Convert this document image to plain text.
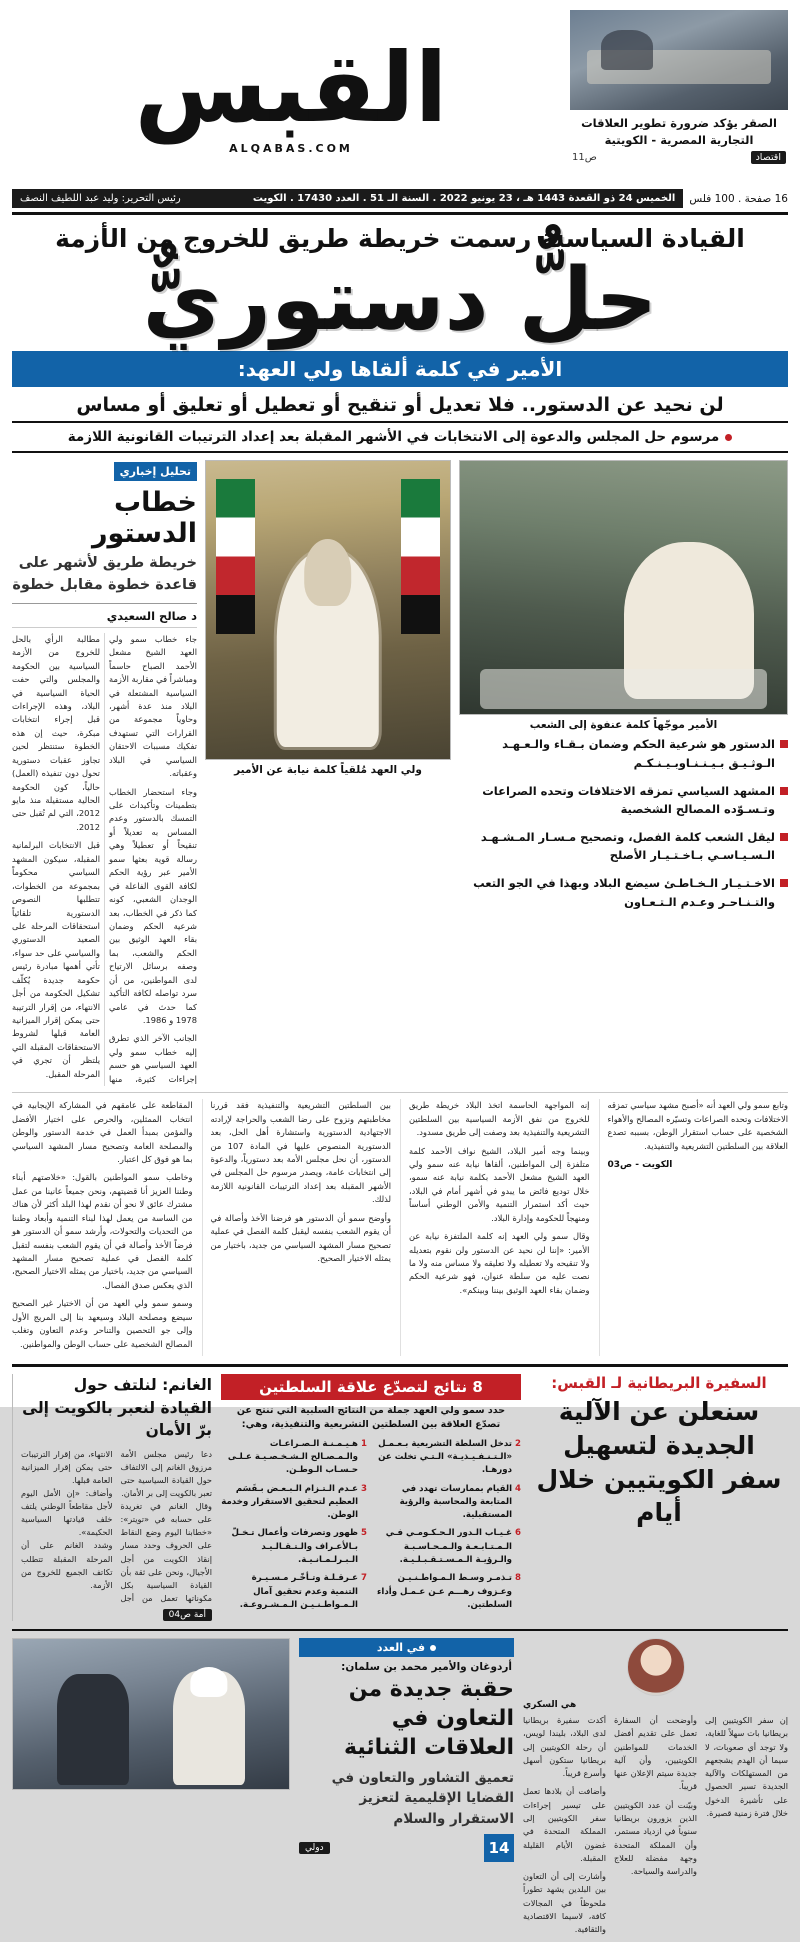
القبس
ALQABAS.COM
الصقر يؤكد ضرورة تطوير العلاقات التجارية المصرية - الكويتية
اقتصاد
ص11
16 صفحة . 100 فلس
الخميس 24 ذو القعدة 1443 هـ ، 23 يونيو 2022 . السنة الـ 51 . العدد 17430 . الكويت
رئيس التحرير: وليد عبد اللطيف النصف
القيادة السياسية رسمت خريطة طريق للخروج من الأزمة
حلٌّ دستوريٌّ
الأمير في كلمة ألقاها ولي العهد:
لن نحيد عن الدستور.. فلا تعديل أو تنقيح أو تعطيل أو تعليق أو مساس
مرسوم حل المجلس والدعوة إلى الانتخابات في الأشهر المقبلة بعد إعداد الترتيبات القانونية اللازمة
الأمير موجّهاً كلمة عنفوة إلى الشعب
الدستور هو شرعية الحكم وضمان بـقـاء والـعـهـد الـوثـيـق بـيـنـنـاوبـيـنـكـم
المشهد السياسي تمزقه الاختلافات وتحده الصراعات وتـسـوّده المصالح الشخصية
ليقل الشعب كلمة الفصل، وتصحيح مـسـار المـشـهـد الـسـيـاسـي بـاخـتـيـار الأصلح
الاخـتـيـار الـخـاطـئ سيضع البلاد وبهذا في الجو التعب والتـنـاحـر وعـدم الـتـعـاون
ولي العهد مُلقياً كلمة نيابة عن الأمير
تحليل إخباري
خطاب الدستور
خريطة طريق لأشهر على قاعدة خطوة مقابل خطوة
د صالح السعيدي

جاء خطاب سمو ولي العهد الشيخ مشعل الأحمد الصباح حاسماً ومباشراً في مقاربة الأزمة السياسية المشتعلة في البلاد منذ عدة أشهر، وحاوياً مجموعة من القرارات التي تستهدف تفكيك مسببات الاحتقان السياسي في البلاد وعقباته.

وجاء استحضار الخطاب بتطمينات وتأكيدات على التمسك بالدستور وعدم المساس به تعديلاً أو تنقيحاً أو تعطيلاً وهي رسالة قوية بعثها سمو الأمير عبر رؤية الحكم لكافة القوى الفاعلة في الوجدان الشعبي، كونه كما ذكر في الخطاب، بعد شرعية الحكم وضمان بقاء العهد الوثيق بين الحكم والشعب، بما وصفه برسائل الارتياح لدى المواطنين، من أن سرد تواصله لكافة التأكيد كما حدث في عامي 1978 و 1986.

الجانب الآخر الذي تطرق إليه خطاب سمو ولي العهد السياسي هو حسم إجراءات كثيرة، منها مطالبة الرأي بالحل للخروج من الأزمة السياسية بين الحكومة والمجلس والتي حفت الحياة السياسية في البلاد، وهذه الإجراءات قبل إجراء انتخابات مبكرة، حيث إن هذه الخطوة ستنتظر لحين تجاوز عقبات دستورية تحول دون تنفيذه (العمل) حالياً، كون الحكومة الحالية مستقيلة منذ مايو 2012، التي لم تُقبل حتى 2012.

قبل الانتخابات البرلمانية المقبلة، سيكون المشهد السياسي محكوماً بمجموعة من الخطوات، تتطلبها النصوص الدستورية تلقائياً استحقاقات المرحلة على الصعيد الدستوري والسياسي على حد سواء، تأتي أهمها مبادرة رئيس حكومة جديدة يُكلّف تشكيل الحكومة من أجل الانتهاء، من إقرار الترتيبة حتى يمكن إقرار الميزانية العامة قبلها لشروط الاستحقاقات المقبلة التي يلتظر أن تجري في المرحلة المقبل.

وتابع سمو ولي العهد أنه «أصبح مشهد سياسي تمزقه الاختلافات وتحده الصراعات وتسيّره المصالح والأهواء الشخصية على حساب استقرار الوطن، بسببه تصدع العلاقة بين السلطتين التشريعية والتنفيذية.

الكويت - ص03

إنه المواجهة الحاسمة اتخذ البلاد خريطة طريق للخروج من نفق الأزمة السياسية بين السلطتين التشريعية والتنفيذية بعد وصفت إلى طريق مسدود.

وبينما وجه أمير البلاد، الشيخ نواف الأحمد كلمة متلفزة إلى المواطنين، ألقاها نيابة عنه سمو ولي العهد الشيخ مشعل الأحمد بكلمة نيابة عنه سمو، خلال توديع فائض ما يبدو في أشهر أمام في البلاد، حيث أكد استمرار التنمية والأمن الوطني أساساً ومنهجاً للحكومة وإدارة البلاد.

وقال سمو ولي العهد إنه كلمة الملتفزة نيابة عن الأمير: «إننا لن نحيد عن الدستور ولن نقوم بتعديله ولا تنقيحه ولا تعطيله ولا تعليقه ولا مساس منه ولا ما نصت عليه من سلطة عنوان، فهو شرعية الحكم وضمان بقاء العهد الوثيق بيننا وبينكم».

بين السلطتين التشريعية والتنفيذية فقد قررنا مخاطبتهم ونزوح على رضا الشعب والحراجة لإرادته الاجتهادية الدستورية واستشارة أهل الحل، بعد الدستورية المنصوص عليها في المادة 107 من الدستور، أن نحل مجلس الأمة بعد دستورياً، والدعوة إلى انتخابات عامة، ويصدر مرسوم حل المجلس في الأشهر المقبلة بعد إعداد الترتيبات القانونية اللازمة لذلك.

وأوضح سمو أن الدستور هو فرضنا الأخذ وأصالة في أن يقوم الشعب بنفسه ليقبل كلمة الفصل في عملية تصحيح مسار المشهد السياسي من جديد، باختيار من يمثله الاختيار الصحيح.

المقاطعة على عامقهم في المشاركة الإيجابية في انتخاب الممثلين، والحرص على اختيار الأفضل والمؤمن بمبدأ العمل في خدمة الدستور والوطن والمصلحة العامة وتصحيح مسار المشهد السياسي بما هو فوق كل اعتبار.

وخاطب سمو المواطنين بالقول: «خلاصتهم أبناء وطننا العزيز أنا قضيتهم، ونحن جميعاً عانينا من عمل مشترك عائق لا نحو أن نقدم لهذا البلد أكثر لأن هناك من الساسة من يعمل لهذا لبناء التنمية وأبعاد وطننا من التحديات والتحولات، وأرشد سمو أن الدستور هو فرضاً الأخذ وأصالة في أن يقوم الشعب بنفسه لتقبل كلمة الفصل في عملية تصحيح مسار المشهد السياسي من جديد، باختيار من يمثله الاختيار الصحيح، الذي يعكس صدق الفصال.

وسمو سمو ولي العهد من أن الاختيار غير الصحيح سيضع ومصلحة البلاد وسيعهد بنا إلى المريج الأول وإلى جو التحصين والتناحر وعدم التعاون وتغلب المصالح الشخصية على حساب الوطن والمواطنين.

السفيرة البريطانية لـ القبس:
سنعلن عن الآلية الجديدة لتسهيل سفر الكويتيين خلال أيام
8 نتائج لتصدّع علاقة السلطتين
حدد سمو ولي العهد جملة من النتائج السلبية التي تنتج عن تصدّع العلاقة بين السلطتين التشريعية والتنفيذية، وهي:
2
تدخل السلطة التشريعية بـعـمـل «الـتـنـفـيـذيـة» الـتـي تخلت عن دورهـا.
1
هـيـمـنـة الـصـراعـات والـمـصـالح الـشـخـصـيـة عـلـى حـسـاب الـوطـن.
4
القيام بممارسات تهدد في المتابعة والمحاسبة والرؤية المستقبلية.
3
عـدم الـتـزام الـبـعـض بـقَسَم العظيم لتحقيق الاستقرار وخدمة الوطن.
6
غـيـاب الـدور الـحـكـومـي فـي الـمـتـابـعـة والـمـحـاسـبـة والـرؤيـة الـمـسـتـقـبـلـيـة.
5
ظهور وتصرفات وأعمال تـخـلّ بـالأعـراف والـتـقـالـيـد الـبـرلـمـانـيـة.
8
تـذمـر وسـط الـمـواطـنـيـن وعـزوف رهـــم عـن عـمـل وأداء السلطتين.
7
عـرقـلـة وتـأخّـر مـسـيـرة التنمية وعدم تحقيق آمال الـمـواطـنـيـن الـمـشـروعـة.
الغانم: لنلتف حول القيادة لنعبر بالكويت إلى برّ الأمان

دعا رئيس مجلس الأمة مرزوق الغانم إلى الالتفاف حول القيادة السياسية حتى تعبر بالكويت إلى بر الأمان.

وقال الغانم في تغريدة على حسابه في «تويتر»: «خطابنا اليوم وضع النقاط على الحروف وحدد مسار إنقاذ الكويت من أجل الأجيال، ونحن على ثقة بأن القيادة السياسية بكل مكوناتها تعمل من أجل الانتهاء، من إقرار الترتيبات حتى يمكن إقرار الميزانية العامة قبلها.

وأضاف: «إن الأمل اليوم لأجل مقاطعاً الوطني يلتف خلف قيادتها السياسية الحكيمة».

وشدد الغانم على أن المرحلة المقبلة تتطلب تكاتف الجميع للخروج من الأزمة.

أمة ص04
هي السكري

إن سفر الكويتيين إلى بريطانيا بات سهلاً للغاية، ولا توجد أي صعوبات، لا سيما أن الهدم يشجعهم من المستهلكات والآلية الجديدة تسير الحصول على تأشيرة الدخول خلال فترة زمنية قصيرة.

وأوضحت أن السفارة تعمل على تقديم أفضل الخدمات للمواطنين الكويتيين، وأن آلية جديدة سيتم الإعلان عنها قريباً.

وبيّنت أن عدد الكويتيين الذين يزورون بريطانيا سنوياً في ازدياد مستمر، وأن المملكة المتحدة وجهة مفضلة للعلاج والدراسة والسياحة.

أكدت سفيرة بريطانيا لدى البلاد، بليندا لويس، أن رحلة الكويتيين إلى بريطانيا ستكون أسهل وأسرع قريباً.

وأضافت أن بلادها تعمل على تيسير إجراءات سفر الكويتيين إلى المملكة المتحدة في غضون الأيام القليلة المقبلة.

وأشارت إلى أن التعاون بين البلدين يشهد تطوراً ملحوظاً في المجالات كافة، لاسيما الاقتصادية والثقافية.

في العدد
أردوغان والأمير محمد بن سلمان:
حقبة جديدة من التعاون في العلاقات الثنائية
تعميق التشاور والتعاون في القضايا الإقليمية لتعزيز الاستقرار والسلام
14
دولي
